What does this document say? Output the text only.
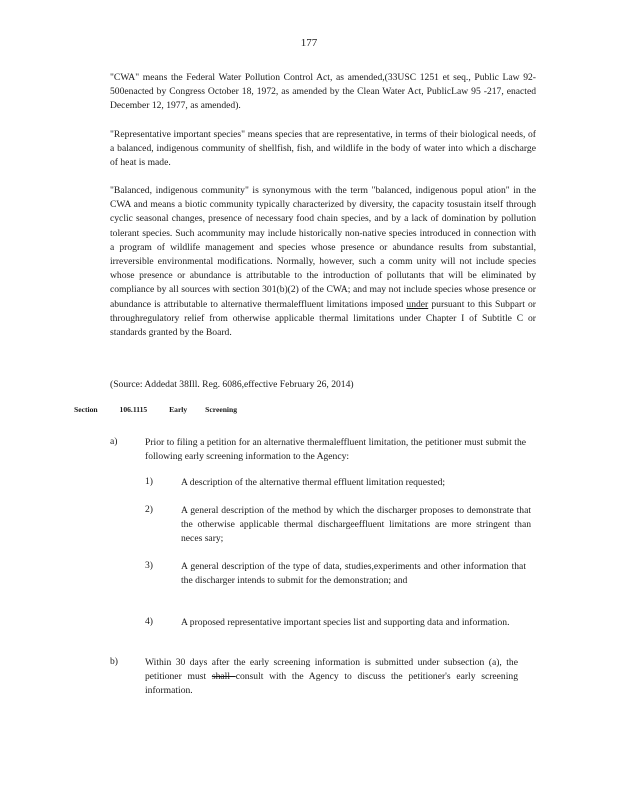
177

"CWA" means the Federal Water Pollution Control Act, as amended,(33USC 1251 et seq., Public Law 92-500enacted by Congress October 18, 1972, as amended by the Clean Water Act, PublicLaw 95 -217, enacted December 12, 1977, as amended).

"Representative important species" means species that are representative, in terms of their biological needs, of a balanced, indigenous community of shellfish, fish, and wildlife in the body of water into which a discharge of heat is made.

"Balanced, indigenous community" is synonymous with the term "balanced, indigenous popul ation" in the CWA and means a biotic community typically characterized by diversity, the capacity tosustain itself through cyclic seasonal changes, presence of necessary food chain species, and by a lack of domination by pollution tolerant species. Such acommunity may include historically non-native species introduced in connection with a program of wildlife management and species whose presence or abundance results from substantial, irreversible environmental modifications. Normally, however, such a comm unity will not include species whose presence or abundance is attributable to the introduction of pollutants that will be eliminated by compliance by all sources with section 301(b)(2) of the CWA; and may not include species whose presence or abundance is attributable to alternative thermaleffluent limitations imposed under pursuant to this Subpart or throughregulatory relief from otherwise applicable thermal limitations under Chapter I of Subtitle C or standards granted by the Board.

(Source: Addedat 38Ill. Reg. 6086,effective February 26, 2014)

Section	106.1115	Early Screening
a)	Prior to filing a petition for an alternative thermaleffluent limitation, the petitioner must submit the following early screening information to the Agency:

1)	A description of the alternative thermal effluent limitation requested;

2)	A general description of the method by which the discharger proposes to demonstrate that the otherwise applicable thermal dischargeeffluent limitations are more stringent than neces sary;

3)	A general description of the type of data, studies,experiments and other information that the discharger intends to submit for the demonstration; and

4)	A proposed representative important species list and supporting data and information.

b)	Within 30 days after the early screening information is submitted under subsection (a), the petitioner must shall consult with the Agency to discuss the petitioner's early screening information.
